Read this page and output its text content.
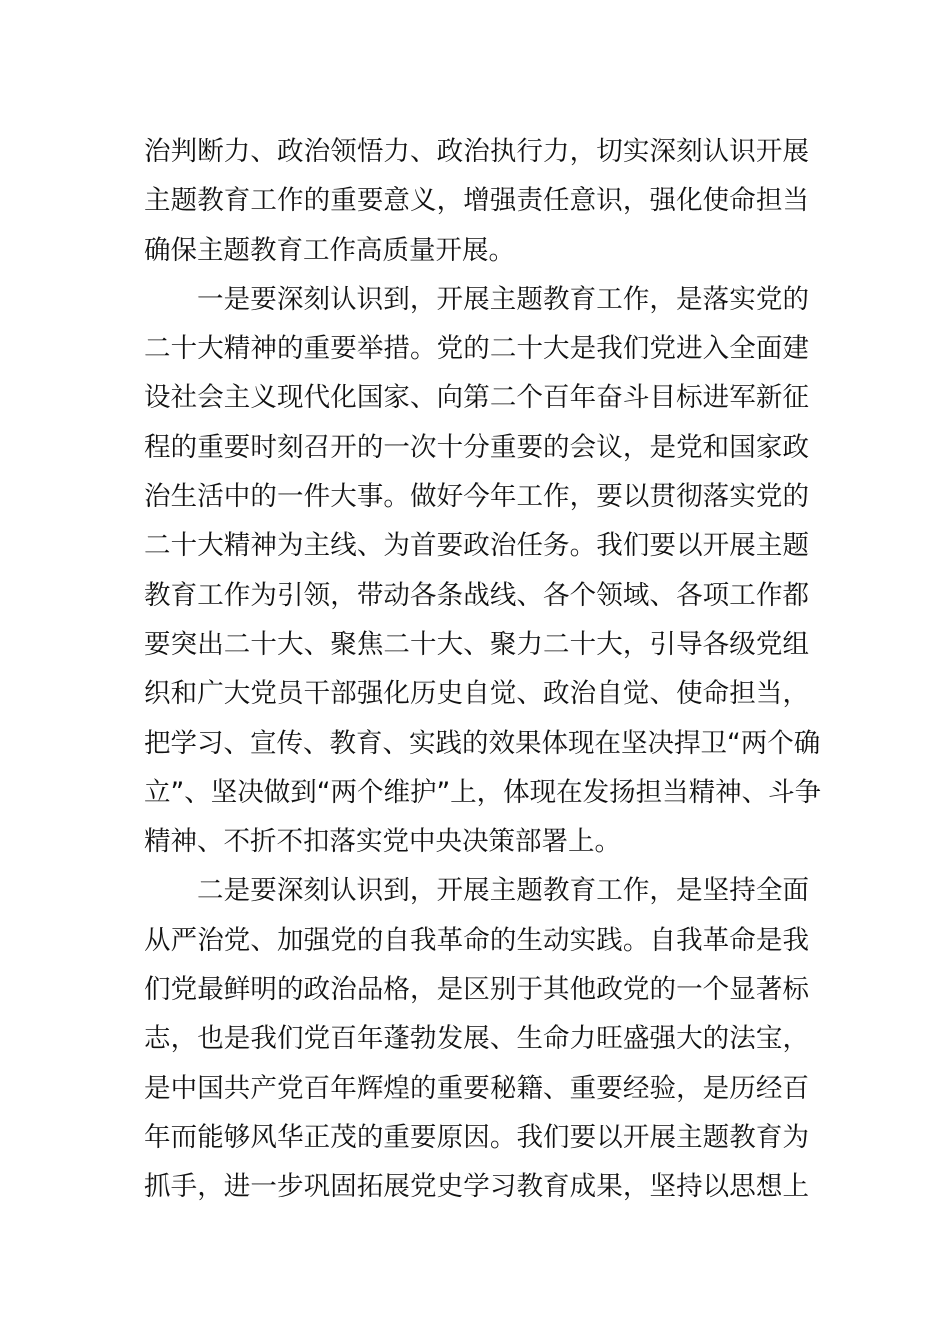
治判断力、政治领悟力、政治执行力，切实深刻认识开展
主题教育工作的重要意义，增强责任意识，强化使命担当
确保主题教育工作高质量开展。
一是要深刻认识到，开展主题教育工作，是落实党的
二十大精神的重要举措。党的二十大是我们党进入全面建
设社会主义现代化国家、向第二个百年奋斗目标进军新征
程的重要时刻召开的一次十分重要的会议，是党和国家政
治生活中的一件大事。做好今年工作，要以贯彻落实党的
二十大精神为主线、为首要政治任务。我们要以开展主题
教育工作为引领，带动各条战线、各个领域、各项工作都
要突出二十大、聚焦二十大、聚力二十大，引导各级党组
织和广大党员干部强化历史自觉、政治自觉、使命担当，
把学习、宣传、教育、实践的效果体现在坚决捍卫“两个确
立”、坚决做到“两个维护”上，体现在发扬担当精神、斗争
精神、不折不扣落实党中央决策部署上。
二是要深刻认识到，开展主题教育工作，是坚持全面
从严治党、加强党的自我革命的生动实践。自我革命是我
们党最鲜明的政治品格，是区别于其他政党的一个显著标
志，也是我们党百年蓬勃发展、生命力旺盛强大的法宝，
是中国共产党百年辉煌的重要秘籍、重要经验，是历经百
年而能够风华正茂的重要原因。我们要以开展主题教育为
抓手，进一步巩固拓展党史学习教育成果，坚持以思想上
